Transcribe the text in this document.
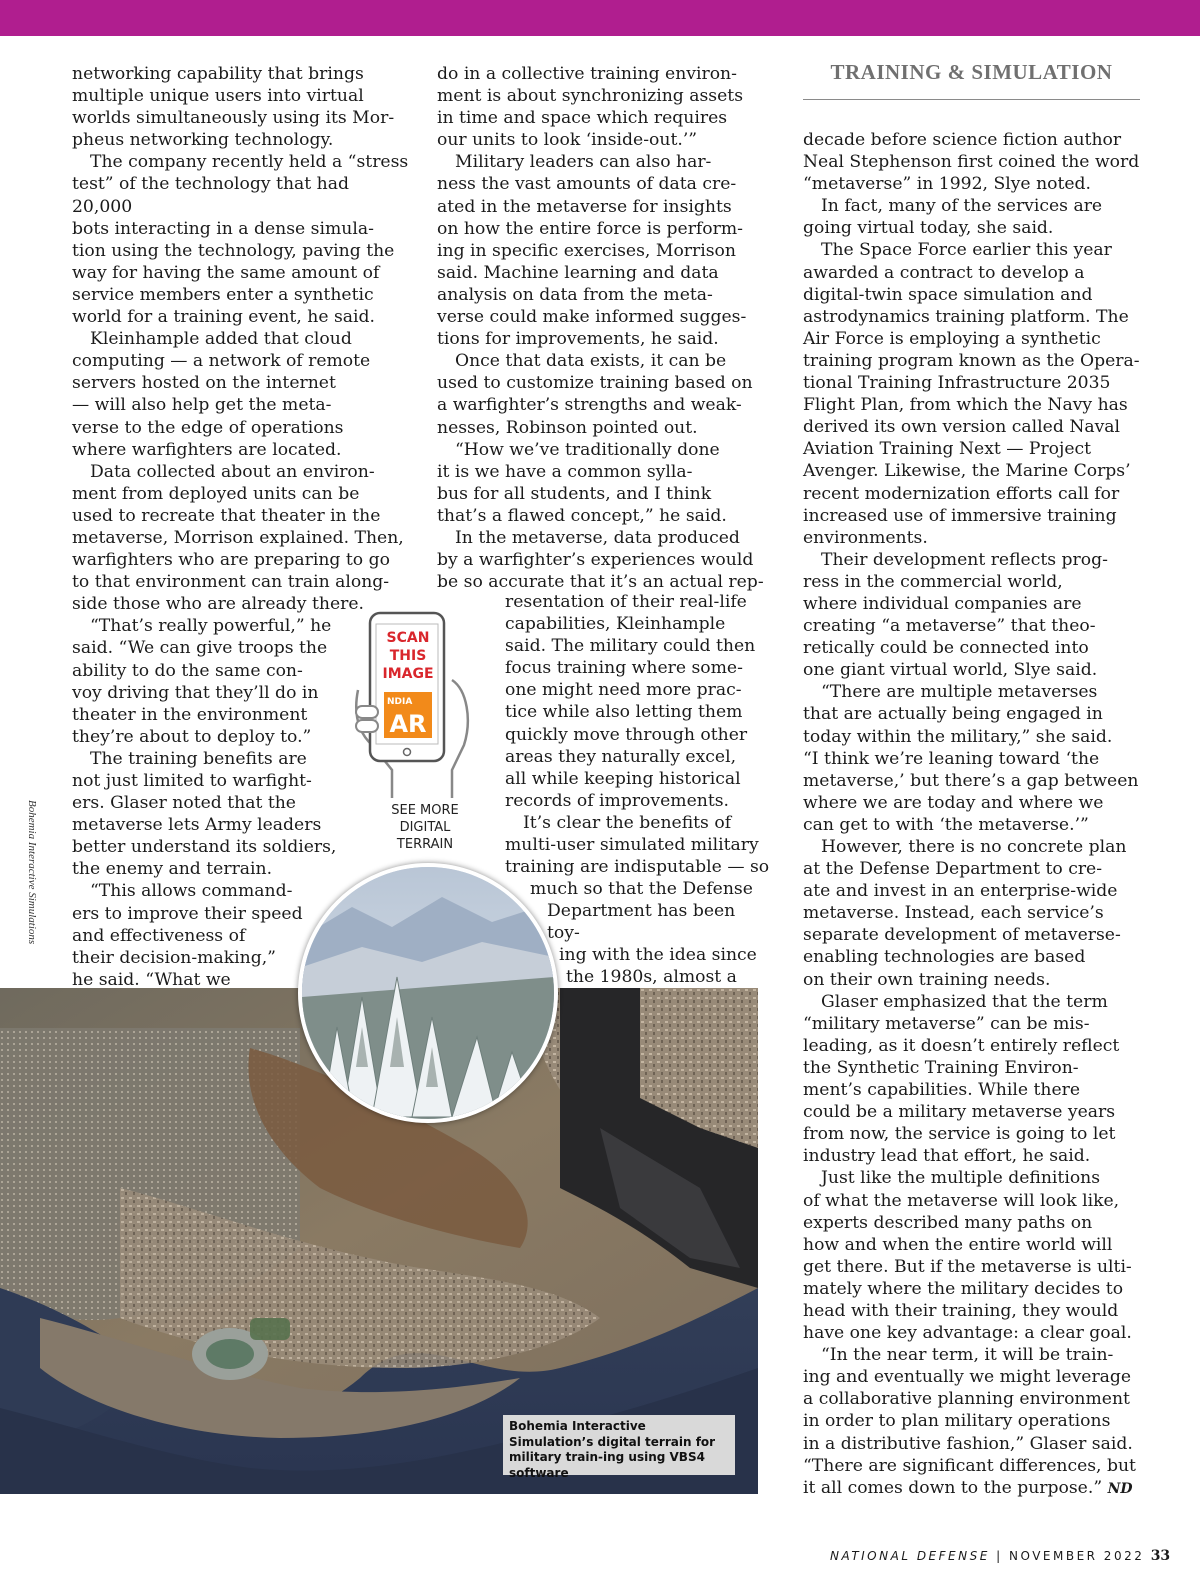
TRAINING & SIMULATION
Bohemia Interactive Simulations
Bohemia Interactive Simulation’s digital terrain for military train-ing using VBS4 software
SCAN
THIS
IMAGE
NDIA
AR
SEE MORE
DIGITAL
TERRAIN

networking capability that brings
multiple unique users into virtual
worlds simultaneously using its Mor-
pheus networking technology.

The company recently held a “stress
test” of the technology that had 20,000
bots interacting in a dense simula-
tion using the technology, paving the
way for having the same amount of
service members enter a synthetic
world for a training event, he said.

Kleinhample added that cloud
computing — a network of remote
servers hosted on the internet
— will also help get the meta-
verse to the edge of operations
where warfighters are located.

Data collected about an environ-
ment from deployed units can be
used to recreate that theater in the
metaverse, Morrison explained. Then,
warfighters who are preparing to go
to that environment can train along-
side those who are already there.

“That’s really powerful,” he
said. “We can give troops the
ability to do the same con-
voy driving that they’ll do in
theater in the environment
they’re about to deploy to.”

The training benefits are
not just limited to warfight-
ers. Glaser noted that the
metaverse lets Army leaders
better understand its soldiers,
the enemy and terrain.

“This allows command-
ers to improve their speed
and effectiveness of
their decision-making,”
he said. “What we

do in a collective training environ-
ment is about synchronizing assets
in time and space which requires
our units to look ‘inside-out.’”

Military leaders can also har-
ness the vast amounts of data cre-
ated in the metaverse for insights
on how the entire force is perform-
ing in specific exercises, Morrison
said. Machine learning and data
analysis on data from the meta-
verse could make informed sugges-
tions for improvements, he said.

Once that data exists, it can be
used to customize training based on
a warfighter’s strengths and weak-
nesses, Robinson pointed out.

“How we’ve traditionally done
it is we have a common sylla-
bus for all students, and I think
that’s a flawed concept,” he said.

In the metaverse, data produced
by a warfighter’s experiences would
be so accurate that it’s an actual rep-

resentation of their real-life
capabilities, Kleinhample
said. The military could then
focus training where some-
one might need more prac-
tice while also letting them
quickly move through other
areas they naturally excel,
all while keeping historical
records of improvements.

It’s clear the benefits of
multi-user simulated military
training are indisputable — so

much so that the Defense
Department has been toy-
ing with the idea since
the 1980s, almost a

decade before science fiction author
Neal Stephenson first coined the word
“metaverse” in 1992, Slye noted.

In fact, many of the services are
going virtual today, she said.

The Space Force earlier this year
awarded a contract to develop a
digital-twin space simulation and
astrodynamics training platform. The
Air Force is employing a synthetic
training program known as the Opera-
tional Training Infrastructure 2035
Flight Plan, from which the Navy has
derived its own version called Naval
Aviation Training Next — Project
Avenger. Likewise, the Marine Corps’
recent modernization efforts call for
increased use of immersive training
environments.

Their development reflects prog-
ress in the commercial world,
where individual companies are
creating “a metaverse” that theo-
retically could be connected into
one giant virtual world, Slye said.

“There are multiple metaverses
that are actually being engaged in
today within the military,” she said.
“I think we’re leaning toward ‘the
metaverse,’ but there’s a gap between
where we are today and where we
can get to with ‘the metaverse.’”

However, there is no concrete plan
at the Defense Department to cre-
ate and invest in an enterprise-wide
metaverse. Instead, each service’s
separate development of metaverse-
enabling technologies are based
on their own training needs.

Glaser emphasized that the term
“military metaverse” can be mis-
leading, as it doesn’t entirely reflect
the Synthetic Training Environ-
ment’s capabilities. While there
could be a military metaverse years
from now, the service is going to let
industry lead that effort, he said.

Just like the multiple definitions
of what the metaverse will look like,
experts described many paths on
how and when the entire world will
get there. But if the metaverse is ulti-
mately where the military decides to
head with their training, they would
have one key advantage: a clear goal.

“In the near term, it will be train-
ing and eventually we might leverage
a collaborative planning environment
in order to plan military operations
in a distributive fashion,” Glaser said.
“There are significant differences, but
it all comes down to the purpose.” ND

NATIONAL DEFENSE | NOVEMBER 2022 33
